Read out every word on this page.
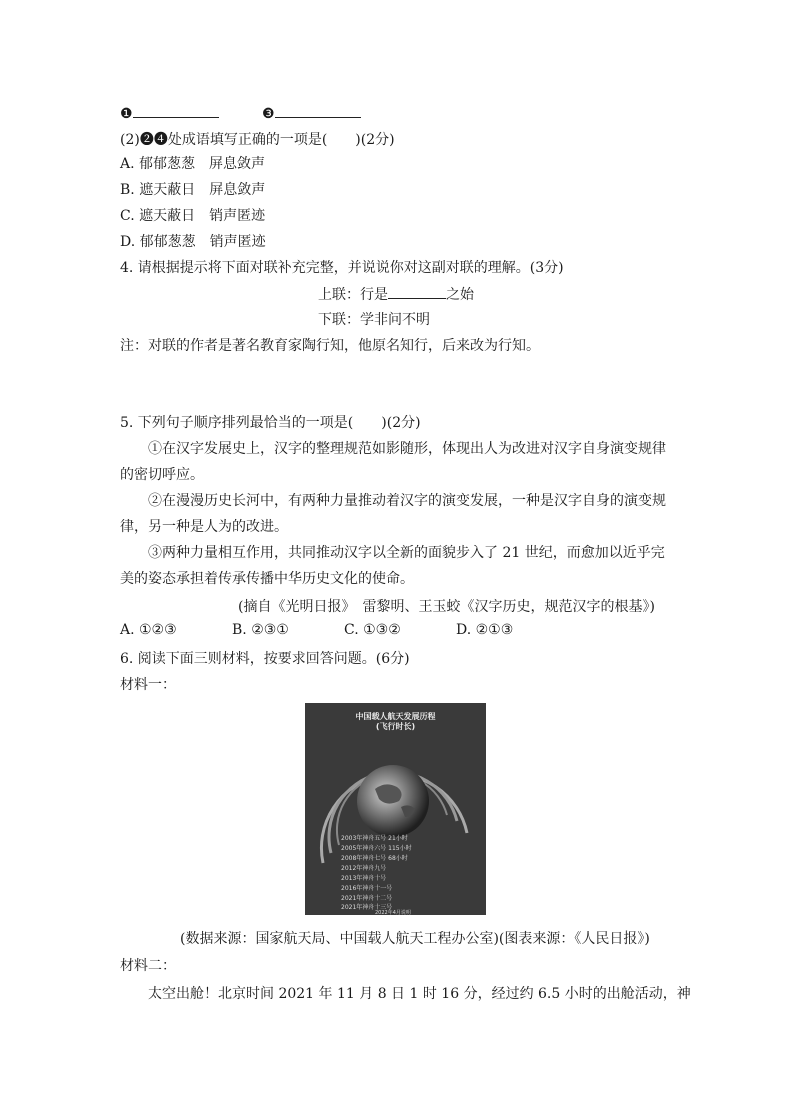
❶	❸
(2)❷❹处成语填写正确的一项是(　　)(2分)
A. 郁郁葱葱　屏息敛声
B. 遮天蔽日　屏息敛声
C. 遮天蔽日　销声匿迹
D. 郁郁葱葱　销声匿迹
4. 请根据提示将下面对联补充完整，并说说你对这副对联的理解。(3分)
上联：行是	之始
下联：学非问不明
注：对联的作者是著名教育家陶行知，他原名知行，后来改为行知。
5. 下列句子顺序排列最恰当的一项是(　　)(2分)
①在汉字发展史上，汉字的整理规范如影随形，体现出人为改进对汉字自身演变规律
的密切呼应。
②在漫漫历史长河中，有两种力量推动着汉字的演变发展，一种是汉字自身的演变规
律，另一种是人为的改进。
③两种力量相互作用，共同推动汉字以全新的面貌步入了 21 世纪，而愈加以近乎完
美的姿态承担着传承传播中华历史文化的使命。
(摘自《光明日报》　雷黎明、王玉蛟《汉字历史，规范汉字的根基》)
A. ①②③	B. ②③①	C. ①③②	D. ②①③
6. 阅读下面三则材料，按要求回答问题。(6分)
材料一：
中国载人航天发展历程
(飞行时长)
2003年神舟五号 21小时
2005年神舟六号 115小时
2008年神舟七号 68小时
2012年神舟九号
2013年神舟十号
2016年神舟十一号
2021年神舟十二号
2021年神舟十三号
2022年4月说明
(数据来源：国家航天局、中国载人航天工程办公室)(图表来源：《人民日报》)
材料二：
太空出舱！北京时间 2021 年 11 月 8 日 1 时 16 分，经过约 6.5 小时的出舱活动，神
